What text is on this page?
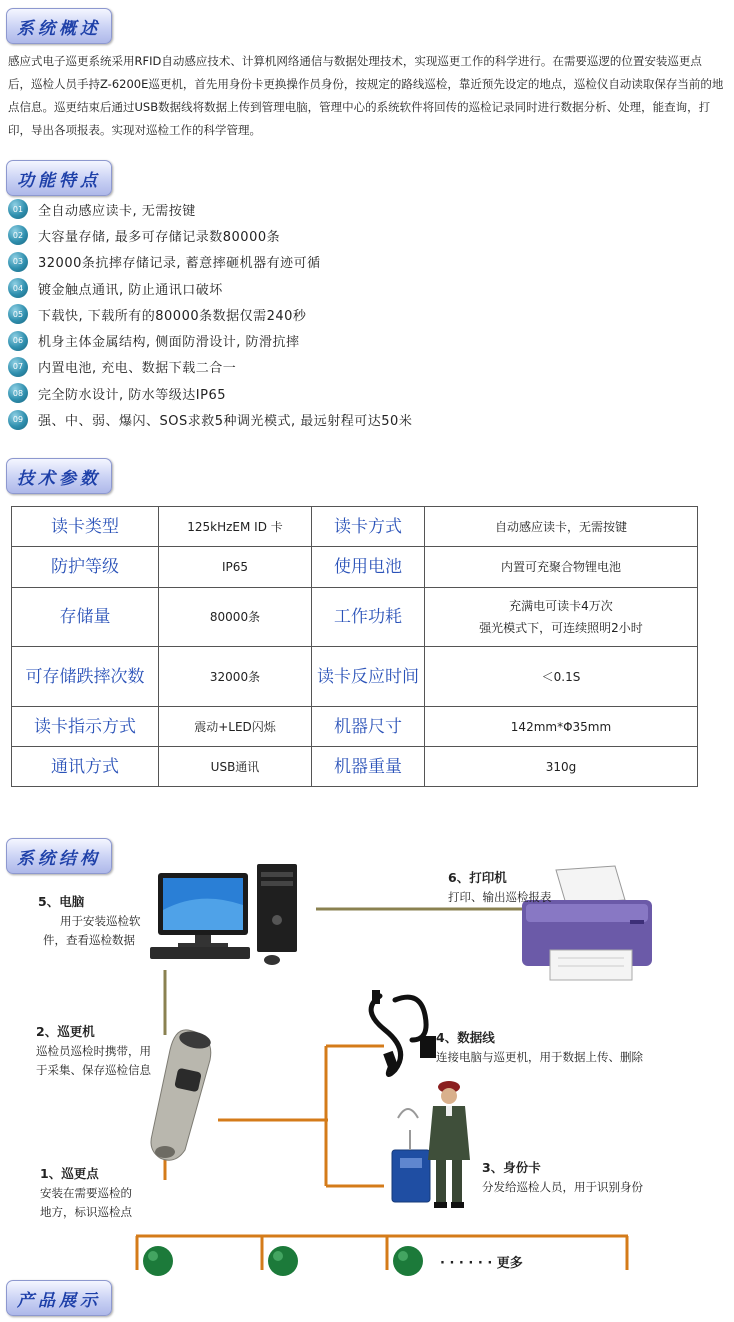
系统概述
感应式电子巡更系统采用RFID自动感应技术、计算机网络通信与数据处理技术，实现巡更工作的科学进行。在需要巡逻的位置安装巡更点后，巡检人员手持Z-6200E巡更机，首先用身份卡更换操作员身份，按规定的路线巡检，靠近预先设定的地点，巡检仪自动读取保存当前的地点信息。巡更结束后通过USB数据线将数据上传到管理电脑，管理中心的系统软件将回传的巡检记录同时进行数据分析、处理，能查询，打印，导出各项报表。实现对巡检工作的科学管理。
功能特点
01	全自动感应读卡, 无需按键
02	大容量存储, 最多可存储记录数80000条
03	32000条抗摔存储记录, 蓄意摔砸机器有迹可循
04	镀金触点通讯, 防止通讯口破坏
05	下载快, 下载所有的80000条数据仅需240秒
06	机身主体金属结构, 侧面防滑设计, 防滑抗摔
07	内置电池, 充电、数据下载二合一
08	完全防水设计, 防水等级达IP65
09	强、中、弱、爆闪、SOS求救5种调光模式, 最远射程可达50米
技术参数
读卡类型	125kHzEM ID 卡	读卡方式	自动感应读卡，无需按键
防护等级	IP65	使用电池	内置可充聚合物锂电池
存储量	80000条	工作功耗	充满电可读卡4万次
强光模式下，可连续照明2小时

可存储跌摔次数	32000条	读卡反应时间	＜0.1S
读卡指示方式	震动+LED闪烁	机器尺寸	142mm*Φ35mm
通讯方式	USB通讯	机器重量	310g
系统结构
5、电脑
用于安装巡检软
件，查看巡检数据
6、打印机
打印、输出巡检报表
2、巡更机
巡检员巡检时携带，用
于采集、保存巡检信息
4、数据线
连接电脑与巡更机，用于数据上传、删除
1、巡更点
安装在需要巡检的
地方，标识巡检点
3、身份卡
分发给巡检人员，用于识别身份
· · · · · · 更多
产品展示
